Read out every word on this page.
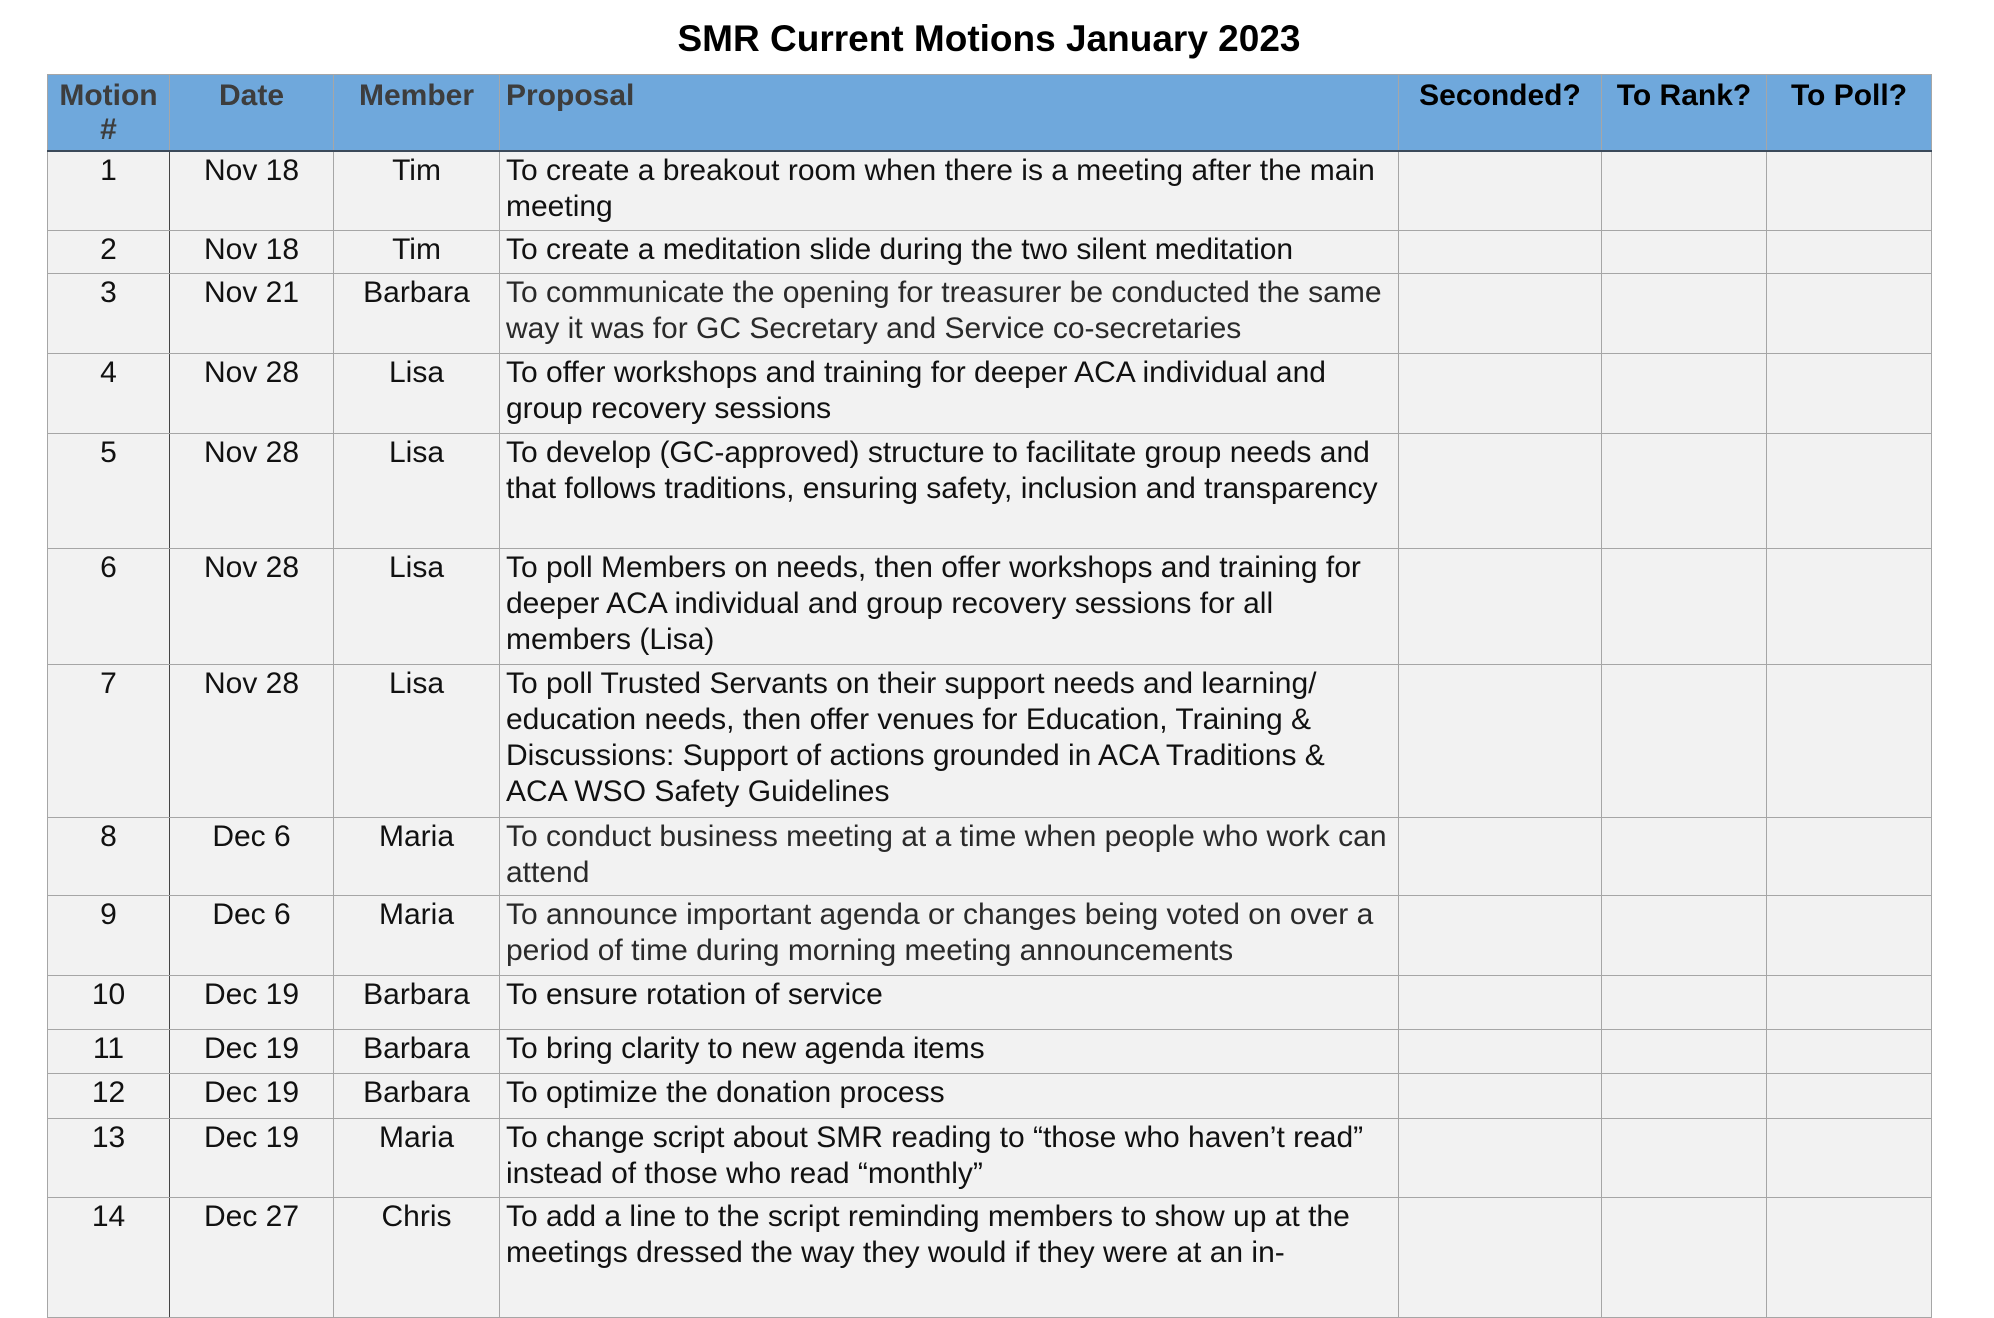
SMR Current Motions January 2023
Motion #	Date	Member	Proposal	Seconded?	To Rank?	To Poll?
1	Nov 18	Tim	To create a breakout room when there is a meeting after the main meeting			
2	Nov 18	Tim	To create a meditation slide during the two silent meditation			
3	Nov 21	Barbara	To communicate the opening for treasurer be conducted the same way it was for GC Secretary and Service co-secretaries			
4	Nov 28	Lisa	To offer workshops and training for deeper ACA individual and group recovery sessions			
5	Nov 28	Lisa	To develop (GC-approved) structure to facilitate group needs and that follows traditions, ensuring safety, inclusion and transparency			
6	Nov 28	Lisa	To poll Members on needs, then offer workshops and training for deeper ACA individual and group recovery sessions for all members (Lisa)			
7	Nov 28	Lisa	To poll Trusted Servants on their support needs and learning/ education needs, then offer venues for Education, Training & Discussions: Support of actions grounded in ACA Traditions & ACA WSO Safety Guidelines			
8	Dec 6	Maria	To conduct business meeting at a time when people who work can attend			
9	Dec 6	Maria	To announce important agenda or changes being voted on over a period of time during morning meeting announcements			
10	Dec 19	Barbara	To ensure rotation of service			
11	Dec 19	Barbara	To bring clarity to new agenda items			
12	Dec 19	Barbara	To optimize the donation process			
13	Dec 19	Maria	To change script about SMR reading to “those who haven’t read” instead of those who read “monthly”			
14	Dec 27	Chris	To add a line to the script reminding members to show up at the meetings dressed the way they would if they were at an in-			
